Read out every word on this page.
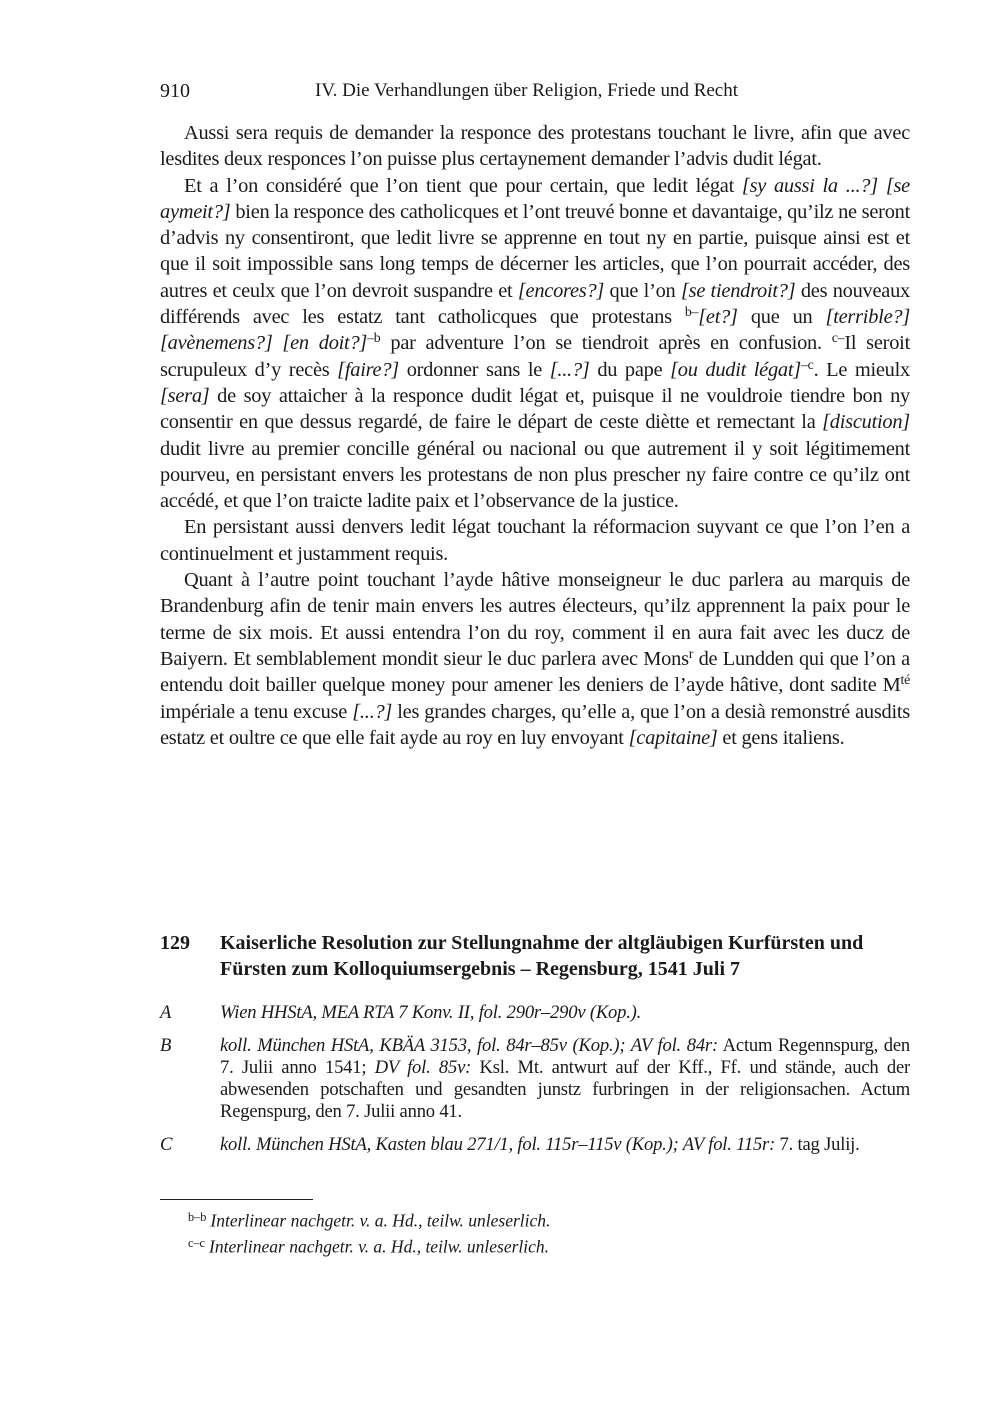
910	IV. Die Verhandlungen über Religion, Friede und Recht

Aussi sera requis de demander la responce des protestans touchant le livre, afin que avec lesdites deux responces l’on puisse plus certaynement demander l’advis dudit légat.

Et a l’on considéré que l’on tient que pour certain, que ledit légat [sy aussi la ...?] [se aymeit?] bien la responce des catholicques et l’ont treuvé bonne et davantaige, qu’ilz ne seront d’advis ny consentiront, que ledit livre se apprenne en tout ny en partie, puisque ainsi est et que il soit impossible sans long temps de décerner les articles, que l’on pourrait accéder, des autres et ceulx que l’on devroit suspandre et [encores?] que l’on [se tiendroit?] des nouveaux différends avec les estatz tant catholicques que protestans $^{b-}$[et?] que un [terrible?] [avènemens?] [en doit?]$^{-b}$ par adventure l’on se tiendroit après en confusion. $^{c-}$Il seroit scrupuleux d’y recès [faire?] ordonner sans le [...?] du pape [ou dudit légat]$^{-c}$. Le mieulx [sera] de soy attaicher à la responce dudit légat et, puisque il ne vouldroie tiendre bon ny consentir en que dessus regardé, de faire le départ de ceste diètte et remectant la [discution] dudit livre au premier concille général ou nacional ou que autrement il y soit légitimement pourveu, en persistant envers les protestans de non plus prescher ny faire contre ce qu’ilz ont accédé, et que l’on traicte ladite paix et l’observance de la justice.

En persistant aussi denvers ledit légat touchant la réformacion suyvant ce que l’on l’en a continuelment et justamment requis.

Quant à l’autre point touchant l’ayde hâtive monseigneur le duc parlera au marquis de Brandenburg afin de tenir main envers les autres électeurs, qu’ilz apprennent la paix pour le terme de six mois. Et aussi entendra l’on du roy, comment il en aura fait avec les ducz de Baiyern. Et semblablement mondit sieur le duc parlera avec Mons$^r$ de Lundden qui que l’on a entendu doit bailler quelque money pour amener les deniers de l’ayde hâtive, dont sadite $M^{té}$ impériale a tenu excuse [...?] les grandes charges, qu’elle a, que l’on a desià remonstré ausdits estatz et oultre ce que elle fait ayde au roy en luy envoyant [capitaine] et gens italiens.

129 Kaiserliche Resolution zur Stellungnahme der altgläubigen Kurfürsten und Fürsten zum Kolloquiumsergebnis – Regensburg, 1541 Juli 7
A	Wien HHStA, MEA RTA 7 Konv. II, fol. 290r–290v (Kop.).
B	koll. München HStA, KBÄA 3153, fol. 84r–85v (Kop.); AV fol. 84r: Actum Regennspurg, den 7. Julii anno 1541; DV fol. 85v: Ksl. Mt. antwurt auf der Kff., Ff. und stände, auch der abwesenden potschaften und gesandten junstz furbringen in der religionsachen. Actum Regenspurg, den 7. Julii anno 41.
C	koll. München HStA, Kasten blau 271/1, fol. 115r–115v (Kop.); AV fol. 115r: 7. tag Julij.
$^{b-b}$ Interlinear nachgetr. v. a. Hd., teilw. unleserlich.
$^{c-c}$ Interlinear nachgetr. v. a. Hd., teilw. unleserlich.
